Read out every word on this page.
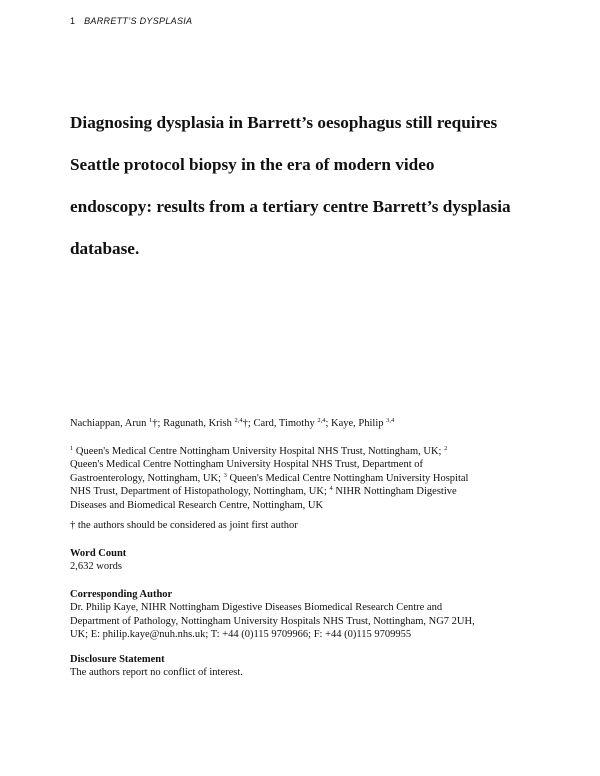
1 BARRETT’S DYSPLASIA
Diagnosing dysplasia in Barrett’s oesophagus still requires
Seattle protocol biopsy in the era of modern video
endoscopy: results from a tertiary centre Barrett’s dysplasia
database.
Nachiappan, Arun $^1$†; Ragunath, Krish $^{2,4}$†; Card, Timothy $^{2,4}$; Kaye, Philip $^{3,4}$
$^1$ Queen's Medical Centre Nottingham University Hospital NHS Trust, Nottingham, UK; $^2$
Queen's Medical Centre Nottingham University Hospital NHS Trust, Department of
Gastroenterology, Nottingham, UK; $^3$ Queen's Medical Centre Nottingham University Hospital
NHS Trust, Department of Histopathology, Nottingham, UK; $^4$ NIHR Nottingham Digestive
Diseases and Biomedical Research Centre, Nottingham, UK
† the authors should be considered as joint first author
Word Count
2,632 words
Corresponding Author
Dr. Philip Kaye, NIHR Nottingham Digestive Diseases Biomedical Research Centre and
Department of Pathology, Nottingham University Hospitals NHS Trust, Nottingham, NG7 2UH,
UK; E: philip.kaye@nuh.nhs.uk; T: +44 (0)115 9709966; F: +44 (0)115 9709955
Disclosure Statement
The authors report no conflict of interest.
